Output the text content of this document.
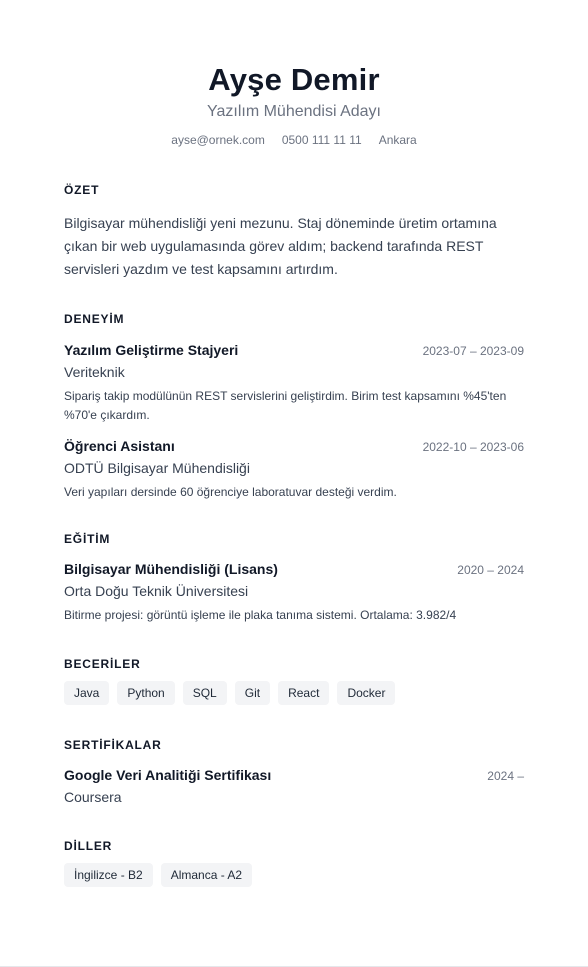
Ayşe Demir
Yazılım Mühendisi Adayı
ayse@ornek.com 0500 111 11 11 Ankara
ÖZET
Bilgisayar mühendisliği yeni mezunu. Staj döneminde üretim ortamına çıkan bir web uygulamasında görev aldım; backend tarafında REST servisleri yazdım ve test kapsamını artırdım.
DENEYİM
Yazılım Geliştirme Stajyeri	2023-07 – 2023-09
Veriteknik
Sipariş takip modülünün REST servislerini geliştirdim. Birim test kapsamını %45'ten %70'e çıkardım.
Öğrenci Asistanı	2022-10 – 2023-06
ODTÜ Bilgisayar Mühendisliği
Veri yapıları dersinde 60 öğrenciye laboratuvar desteği verdim.
EĞİTİM
Bilgisayar Mühendisliği (Lisans)	2020 – 2024
Orta Doğu Teknik Üniversitesi
Bitirme projesi: görüntü işleme ile plaka tanıma sistemi. Ortalama: 3.982/4
BECERİLER
Java	Python	SQL	Git	React	Docker
SERTİFİKALAR
Google Veri Analitiği Sertifikası	2024 –
Coursera
DİLLER
İngilizce - B2	Almanca - A2
